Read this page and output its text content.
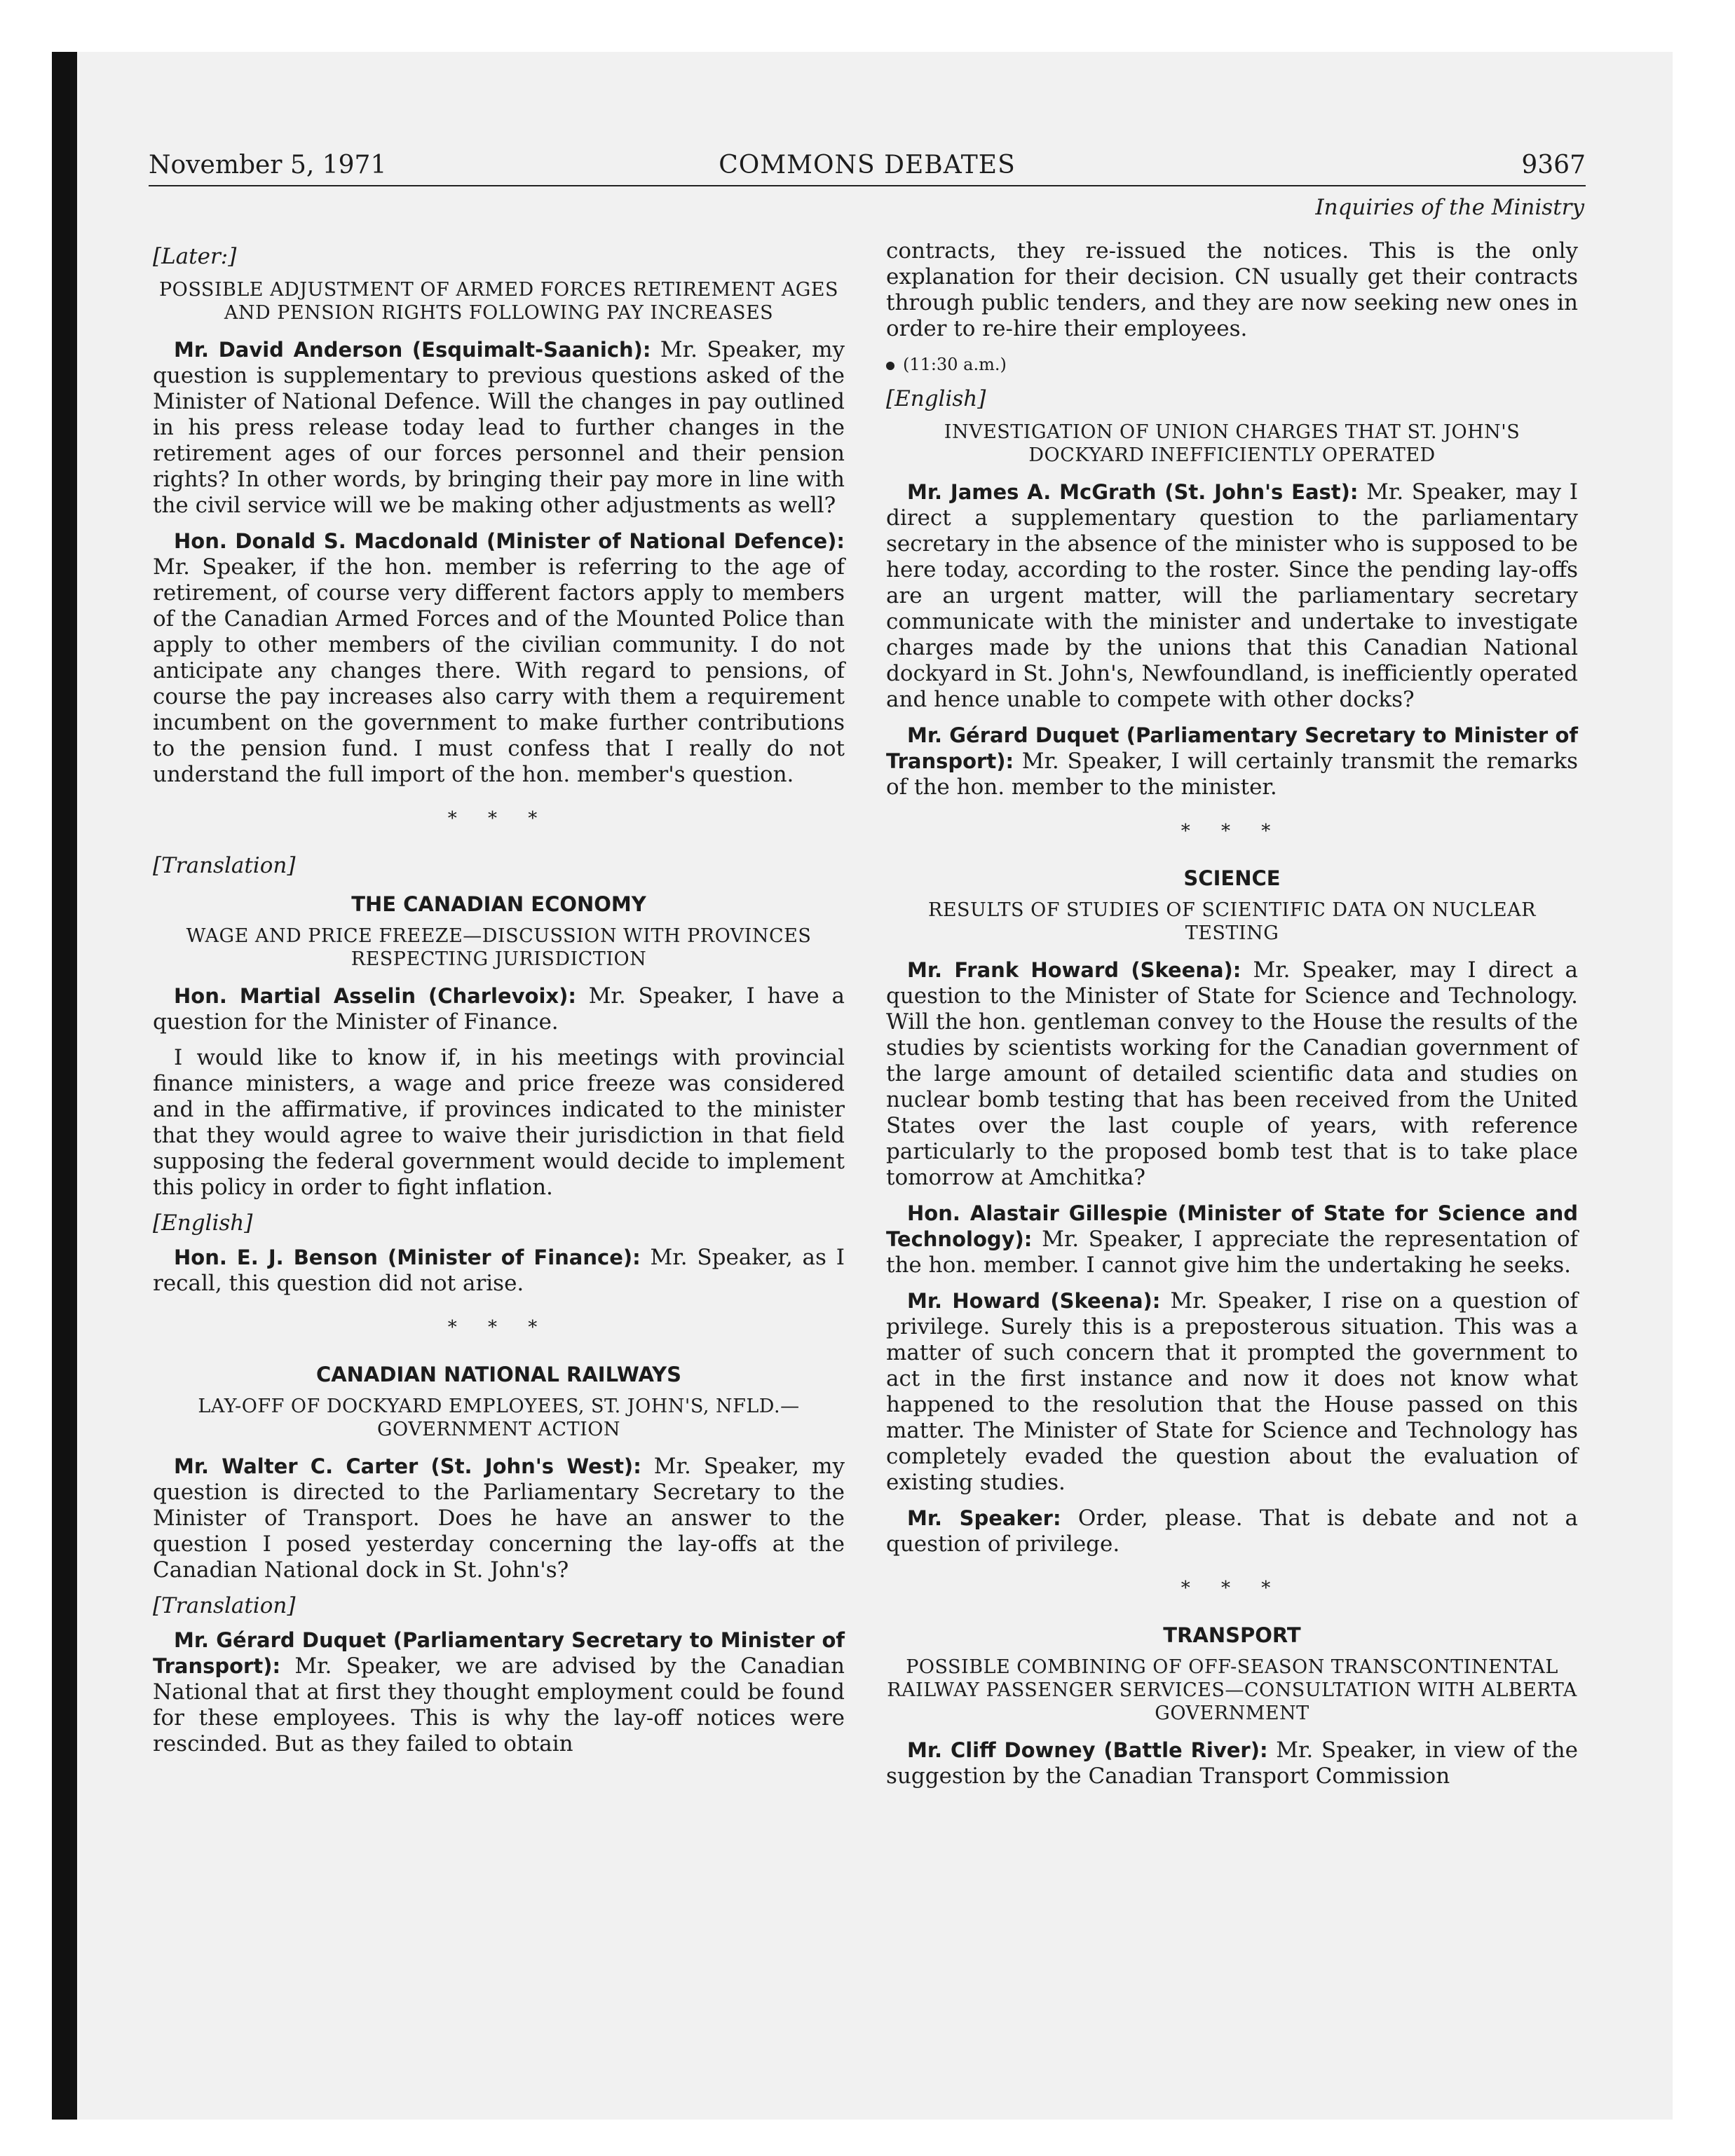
November 5, 1971	COMMONS DEBATES	9367
Inquiries of the Ministry

[Later:]

POSSIBLE ADJUSTMENT OF ARMED FORCES RETIREMENT AGES AND PENSION RIGHTS FOLLOWING PAY INCREASES

Mr. David Anderson (Esquimalt-Saanich): Mr. Speaker, my question is supplementary to previous questions asked of the Minister of National Defence. Will the changes in pay outlined in his press release today lead to further changes in the retirement ages of our forces personnel and their pension rights? In other words, by bringing their pay more in line with the civil service will we be making other adjustments as well?

Hon. Donald S. Macdonald (Minister of National Defence): Mr. Speaker, if the hon. member is referring to the age of retirement, of course very different factors apply to members of the Canadian Armed Forces and of the Mounted Police than apply to other members of the civilian community. I do not anticipate any changes there. With regard to pensions, of course the pay increases also carry with them a requirement incumbent on the government to make further contributions to the pension fund. I must confess that I really do not understand the full import of the hon. member's question.

* * *

[Translation]

THE CANADIAN ECONOMY

WAGE AND PRICE FREEZE—DISCUSSION WITH PROVINCES RESPECTING JURISDICTION

Hon. Martial Asselin (Charlevoix): Mr. Speaker, I have a question for the Minister of Finance.

I would like to know if, in his meetings with provincial finance ministers, a wage and price freeze was considered and in the affirmative, if provinces indicated to the minister that they would agree to waive their jurisdiction in that field supposing the federal government would decide to implement this policy in order to fight inflation.

[English]

Hon. E. J. Benson (Minister of Finance): Mr. Speaker, as I recall, this question did not arise.

* * *

CANADIAN NATIONAL RAILWAYS

LAY-OFF OF DOCKYARD EMPLOYEES, ST. JOHN'S, NFLD.—GOVERNMENT ACTION

Mr. Walter C. Carter (St. John's West): Mr. Speaker, my question is directed to the Parliamentary Secretary to the Minister of Transport. Does he have an answer to the question I posed yesterday concerning the lay-offs at the Canadian National dock in St. John's?

[Translation]

Mr. Gérard Duquet (Parliamentary Secretary to Minister of Transport): Mr. Speaker, we are advised by the Canadian National that at first they thought employment could be found for these employees. This is why the lay-off notices were rescinded. But as they failed to obtain

contracts, they re-issued the notices. This is the only explanation for their decision. CN usually get their contracts through public tenders, and they are now seeking new ones in order to re-hire their employees.

(11:30 a.m.)

[English]

INVESTIGATION OF UNION CHARGES THAT ST. JOHN'S DOCKYARD INEFFICIENTLY OPERATED

Mr. James A. McGrath (St. John's East): Mr. Speaker, may I direct a supplementary question to the parliamentary secretary in the absence of the minister who is supposed to be here today, according to the roster. Since the pending lay-offs are an urgent matter, will the parliamentary secretary communicate with the minister and undertake to investigate charges made by the unions that this Canadian National dockyard in St. John's, Newfoundland, is inefficiently operated and hence unable to compete with other docks?

Mr. Gérard Duquet (Parliamentary Secretary to Minister of Transport): Mr. Speaker, I will certainly transmit the remarks of the hon. member to the minister.

* * *

SCIENCE

RESULTS OF STUDIES OF SCIENTIFIC DATA ON NUCLEAR TESTING

Mr. Frank Howard (Skeena): Mr. Speaker, may I direct a question to the Minister of State for Science and Technology. Will the hon. gentleman convey to the House the results of the studies by scientists working for the Canadian government of the large amount of detailed scientific data and studies on nuclear bomb testing that has been received from the United States over the last couple of years, with reference particularly to the proposed bomb test that is to take place tomorrow at Amchitka?

Hon. Alastair Gillespie (Minister of State for Science and Technology): Mr. Speaker, I appreciate the representation of the hon. member. I cannot give him the undertaking he seeks.

Mr. Howard (Skeena): Mr. Speaker, I rise on a question of privilege. Surely this is a preposterous situation. This was a matter of such concern that it prompted the government to act in the first instance and now it does not know what happened to the resolution that the House passed on this matter. The Minister of State for Science and Technology has completely evaded the question about the evaluation of existing studies.

Mr. Speaker: Order, please. That is debate and not a question of privilege.

* * *

TRANSPORT

POSSIBLE COMBINING OF OFF-SEASON TRANSCONTINENTAL RAILWAY PASSENGER SERVICES—CONSULTATION WITH ALBERTA GOVERNMENT

Mr. Cliff Downey (Battle River): Mr. Speaker, in view of the suggestion by the Canadian Transport Commission
